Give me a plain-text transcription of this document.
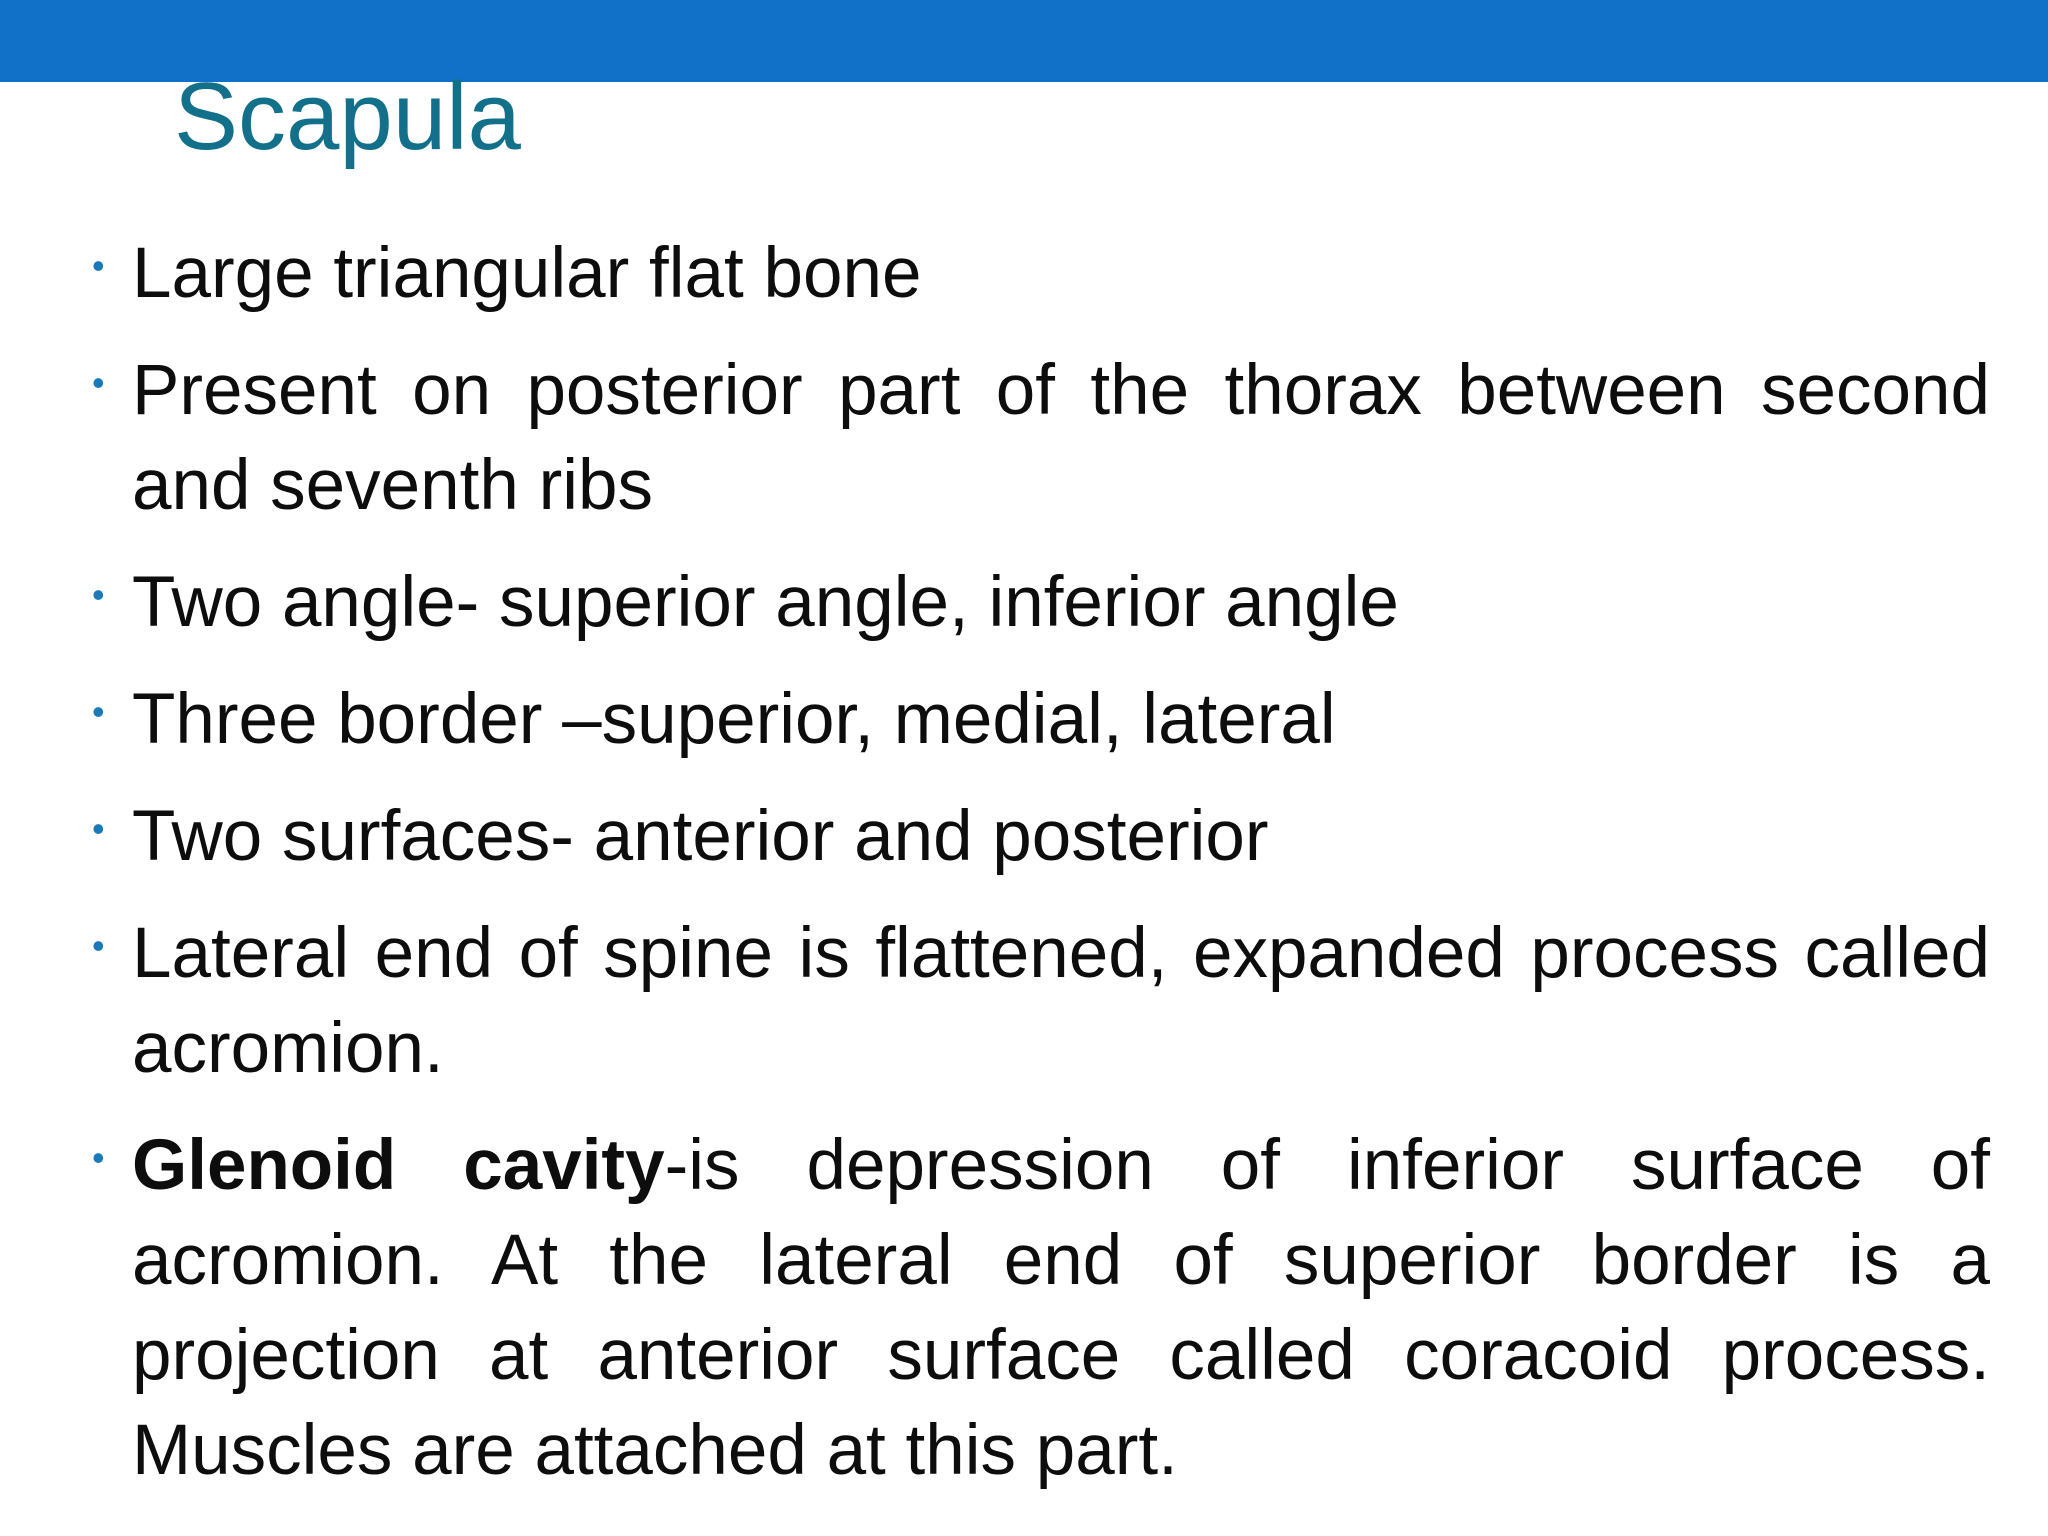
Scapula
• Large triangular flat bone
• Present on posterior part of the thorax between second and seventh ribs
• Two angle- superior angle, inferior angle
• Three border –superior, medial, lateral
• Two surfaces- anterior and posterior
• Lateral end of spine is flattened, expanded process called acromion.
• Glenoid cavity-is depression of inferior surface of acromion. At the lateral end of superior border is a projection at anterior surface called coracoid process. Muscles are attached at this part.
